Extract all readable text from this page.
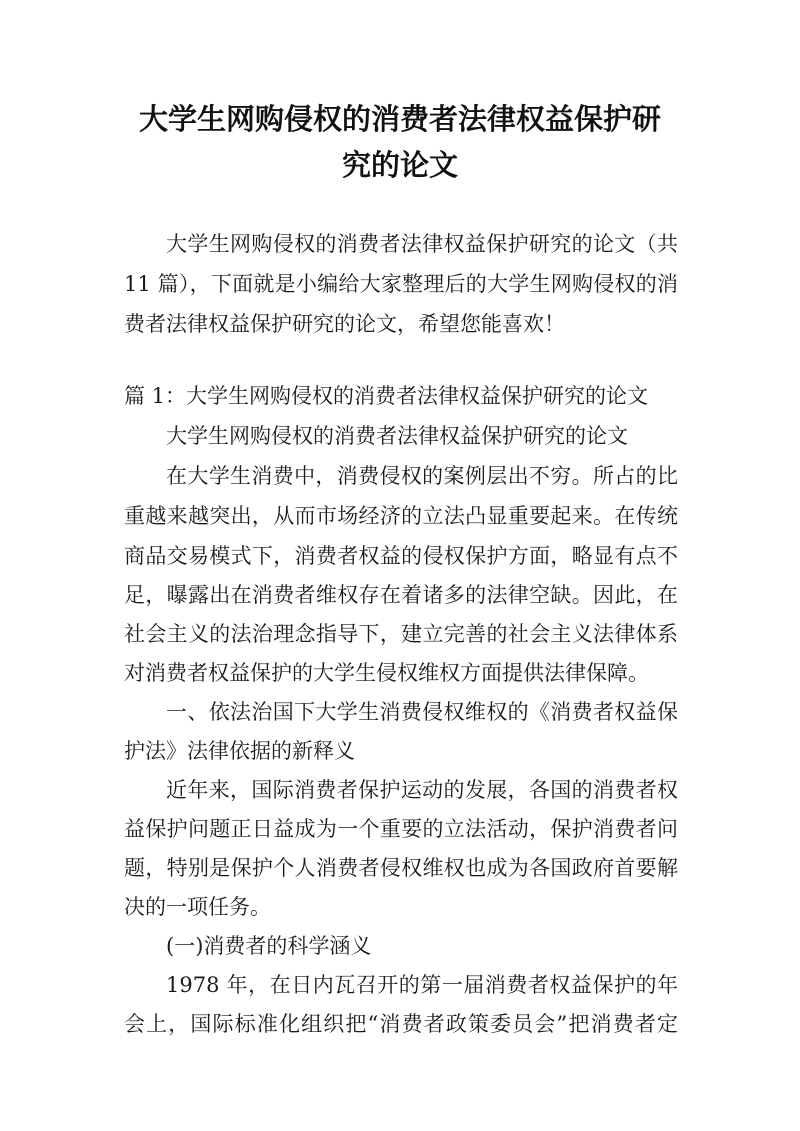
大学生网购侵权的消费者法律权益保护研
究的论文
大学生网购侵权的消费者法律权益保护研究的论文（共
11 篇），下面就是小编给大家整理后的大学生网购侵权的消
费者法律权益保护研究的论文，希望您能喜欢！
篇 1：大学生网购侵权的消费者法律权益保护研究的论文
大学生网购侵权的消费者法律权益保护研究的论文
在大学生消费中，消费侵权的案例层出不穷。所占的比
重越来越突出，从而市场经济的立法凸显重要起来。在传统
商品交易模式下，消费者权益的侵权保护方面，略显有点不
足，曝露出在消费者维权存在着诸多的法律空缺。因此，在
社会主义的法治理念指导下，建立完善的社会主义法律体系
对消费者权益保护的大学生侵权维权方面提供法律保障。
一、依法治国下大学生消费侵权维权的《消费者权益保
护法》法律依据的新释义
近年来，国际消费者保护运动的发展，各国的消费者权
益保护问题正日益成为一个重要的立法活动，保护消费者问
题，特别是保护个人消费者侵权维权也成为各国政府首要解
决的一项任务。
(一)消费者的科学涵义
1978 年，在日内瓦召开的第一届消费者权益保护的年
会上，国际标准化组织把“消费者政策委员会”把消费者定
